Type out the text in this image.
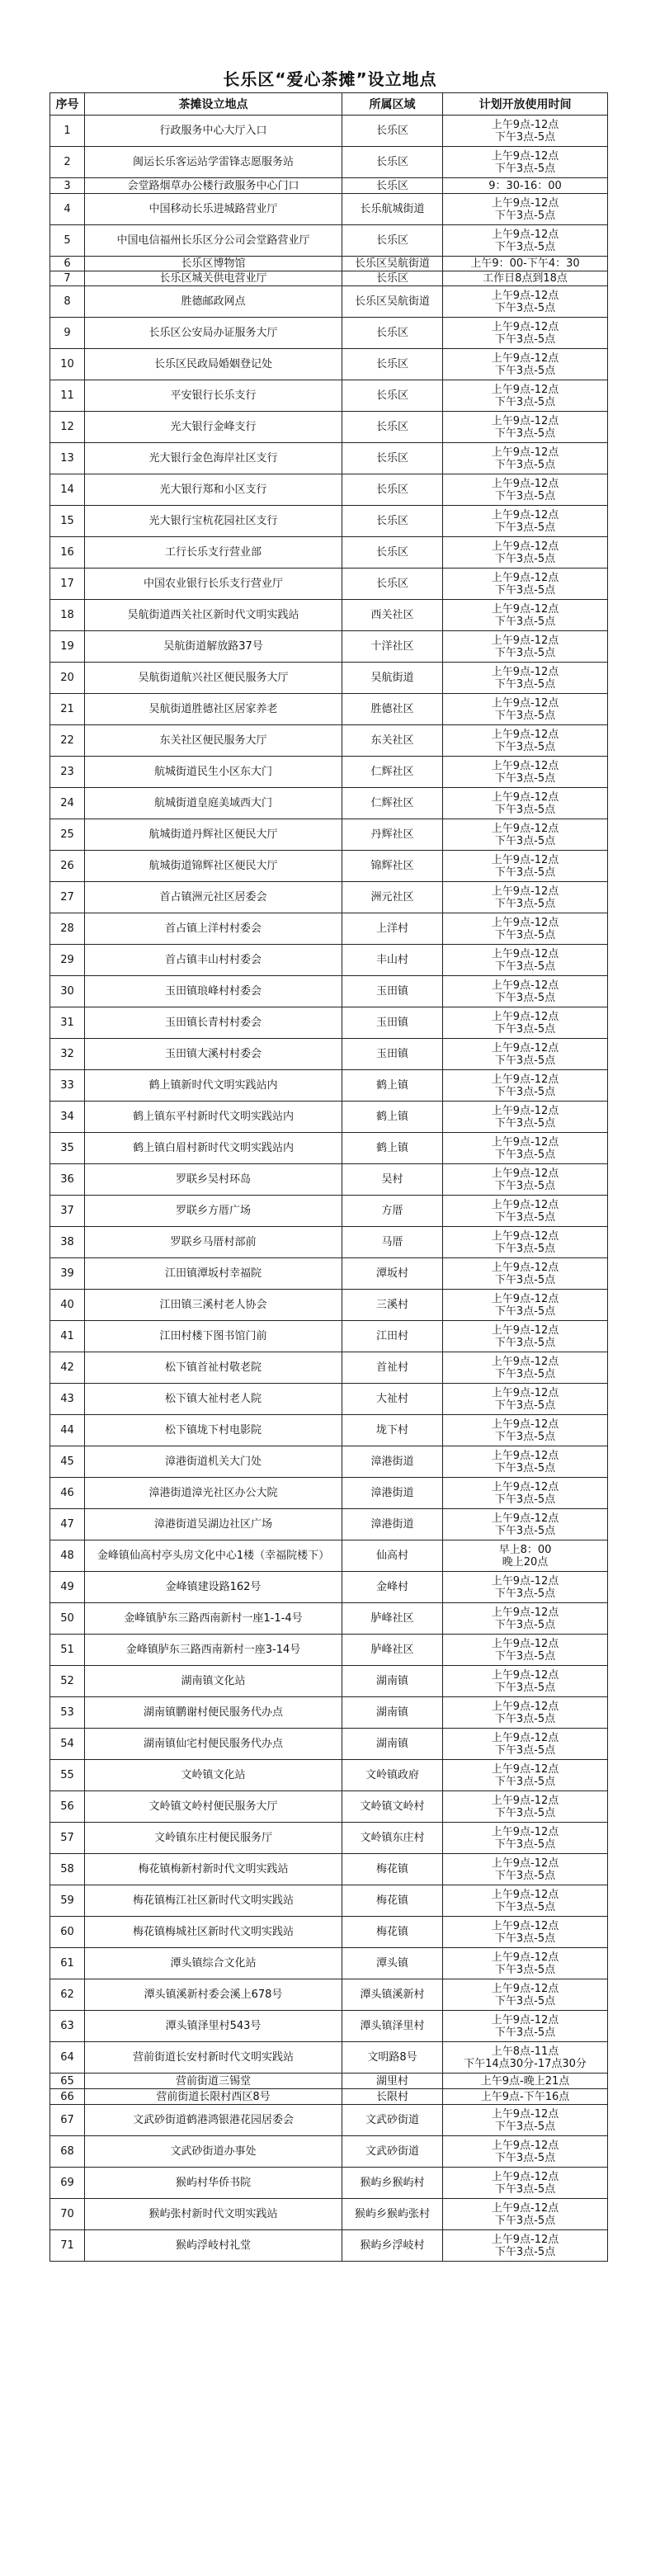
长乐区“爱心茶摊”设立地点
序号	茶摊设立地点	所属区域	计划开放使用时间
1	行政服务中心大厅入口	长乐区	上午9点-12点
下午3点-5点

2	闽运长乐客运站学雷锋志愿服务站	长乐区	上午9点-12点
下午3点-5点

3	会堂路烟草办公楼行政服务中心门口	长乐区	9：30-16：00

4	中国移动长乐进城路营业厅	长乐航城街道	上午9点-12点
下午3点-5点

5	中国电信福州长乐区分公司会堂路营业厅	长乐区	上午9点-12点
下午3点-5点

6	长乐区博物馆	长乐区吴航街道	上午9：00-下午4：30

7	长乐区城关供电营业厅	长乐区	工作日8点到18点

8	胜德邮政网点	长乐区吴航街道	上午9点-12点
下午3点-5点

9	长乐区公安局办证服务大厅	长乐区	上午9点-12点
下午3点-5点

10	长乐区民政局婚姻登记处	长乐区	上午9点-12点
下午3点-5点

11	平安银行长乐支行	长乐区	上午9点-12点
下午3点-5点

12	光大银行金峰支行	长乐区	上午9点-12点
下午3点-5点

13	光大银行金色海岸社区支行	长乐区	上午9点-12点
下午3点-5点

14	光大银行郑和小区支行	长乐区	上午9点-12点
下午3点-5点

15	光大银行宝杭花园社区支行	长乐区	上午9点-12点
下午3点-5点

16	工行长乐支行营业部	长乐区	上午9点-12点
下午3点-5点

17	中国农业银行长乐支行营业厅	长乐区	上午9点-12点
下午3点-5点

18	吴航街道西关社区新时代文明实践站	西关社区	上午9点-12点
下午3点-5点

19	吴航街道解放路37号	十洋社区	上午9点-12点
下午3点-5点

20	吴航街道航兴社区便民服务大厅	吴航街道	上午9点-12点
下午3点-5点

21	吴航街道胜德社区居家养老	胜德社区	上午9点-12点
下午3点-5点

22	东关社区便民服务大厅	东关社区	上午9点-12点
下午3点-5点

23	航城街道民生小区东大门	仁辉社区	上午9点-12点
下午3点-5点

24	航城街道皇庭美域西大门	仁辉社区	上午9点-12点
下午3点-5点

25	航城街道丹辉社区便民大厅	丹辉社区	上午9点-12点
下午3点-5点

26	航城街道锦辉社区便民大厅	锦辉社区	上午9点-12点
下午3点-5点

27	首占镇洲元社区居委会	洲元社区	上午9点-12点
下午3点-5点

28	首占镇上洋村村委会	上洋村	上午9点-12点
下午3点-5点

29	首占镇丰山村村委会	丰山村	上午9点-12点
下午3点-5点

30	玉田镇琅峰村村委会	玉田镇	上午9点-12点
下午3点-5点

31	玉田镇长青村村委会	玉田镇	上午9点-12点
下午3点-5点

32	玉田镇大溪村村委会	玉田镇	上午9点-12点
下午3点-5点

33	鹤上镇新时代文明实践站内	鹤上镇	上午9点-12点
下午3点-5点

34	鹤上镇东平村新时代文明实践站内	鹤上镇	上午9点-12点
下午3点-5点

35	鹤上镇白眉村新时代文明实践站内	鹤上镇	上午9点-12点
下午3点-5点

36	罗联乡吴村环岛	吴村	上午9点-12点
下午3点-5点

37	罗联乡方厝广场	方厝	上午9点-12点
下午3点-5点

38	罗联乡马厝村部前	马厝	上午9点-12点
下午3点-5点

39	江田镇潭坂村幸福院	潭坂村	上午9点-12点
下午3点-5点

40	江田镇三溪村老人协会	三溪村	上午9点-12点
下午3点-5点

41	江田村楼下图书馆门前	江田村	上午9点-12点
下午3点-5点

42	松下镇首祉村敬老院	首祉村	上午9点-12点
下午3点-5点

43	松下镇大祉村老人院	大祉村	上午9点-12点
下午3点-5点

44	松下镇垅下村电影院	垅下村	上午9点-12点
下午3点-5点

45	漳港街道机关大门处	漳港街道	上午9点-12点
下午3点-5点

46	漳港街道漳光社区办公大院	漳港街道	上午9点-12点
下午3点-5点

47	漳港街道吴湖边社区广场	漳港街道	上午9点-12点
下午3点-5点

48	金峰镇仙高村亭头房文化中心1楼（幸福院楼下）	仙高村	早上8：00
晚上20点

49	金峰镇建设路162号	金峰村	上午9点-12点
下午3点-5点

50	金峰镇胪东三路西南新村一座1-1-4号	胪峰社区	上午9点-12点
下午3点-5点

51	金峰镇胪东三路西南新村一座3-14号	胪峰社区	上午9点-12点
下午3点-5点

52	湖南镇文化站	湖南镇	上午9点-12点
下午3点-5点

53	湖南镇鹏谢村便民服务代办点	湖南镇	上午9点-12点
下午3点-5点

54	湖南镇仙宅村便民服务代办点	湖南镇	上午9点-12点
下午3点-5点

55	文岭镇文化站	文岭镇政府	上午9点-12点
下午3点-5点

56	文岭镇文岭村便民服务大厅	文岭镇文岭村	上午9点-12点
下午3点-5点

57	文岭镇东庄村便民服务厅	文岭镇东庄村	上午9点-12点
下午3点-5点

58	梅花镇梅新村新时代文明实践站	梅花镇	上午9点-12点
下午3点-5点

59	梅花镇梅江社区新时代文明实践站	梅花镇	上午9点-12点
下午3点-5点

60	梅花镇梅城社区新时代文明实践站	梅花镇	上午9点-12点
下午3点-5点

61	潭头镇综合文化站	潭头镇	上午9点-12点
下午3点-5点

62	潭头镇溪新村委会溪上678号	潭头镇溪新村	上午9点-12点
下午3点-5点

63	潭头镇泽里村543号	潭头镇泽里村	上午9点-12点
下午3点-5点

64	营前街道长安村新时代文明实践站	文明路8号	上午8点-11点
下午14点30分-17点30分

65	营前街道三锡堂	湖里村	上午9点-晚上21点

66	营前街道长限村西区8号	长限村	上午9点-下午16点

67	文武砂街道鹤港鸿银港花园居委会	文武砂街道	上午9点-12点
下午3点-5点

68	文武砂街道办事处	文武砂街道	上午9点-12点
下午3点-5点

69	猴屿村华侨书院	猴屿乡猴屿村	上午9点-12点
下午3点-5点

70	猴屿张村新时代文明实践站	猴屿乡猴屿张村	上午9点-12点
下午3点-5点

71	猴屿浮岐村礼堂	猴屿乡浮岐村	上午9点-12点
下午3点-5点
